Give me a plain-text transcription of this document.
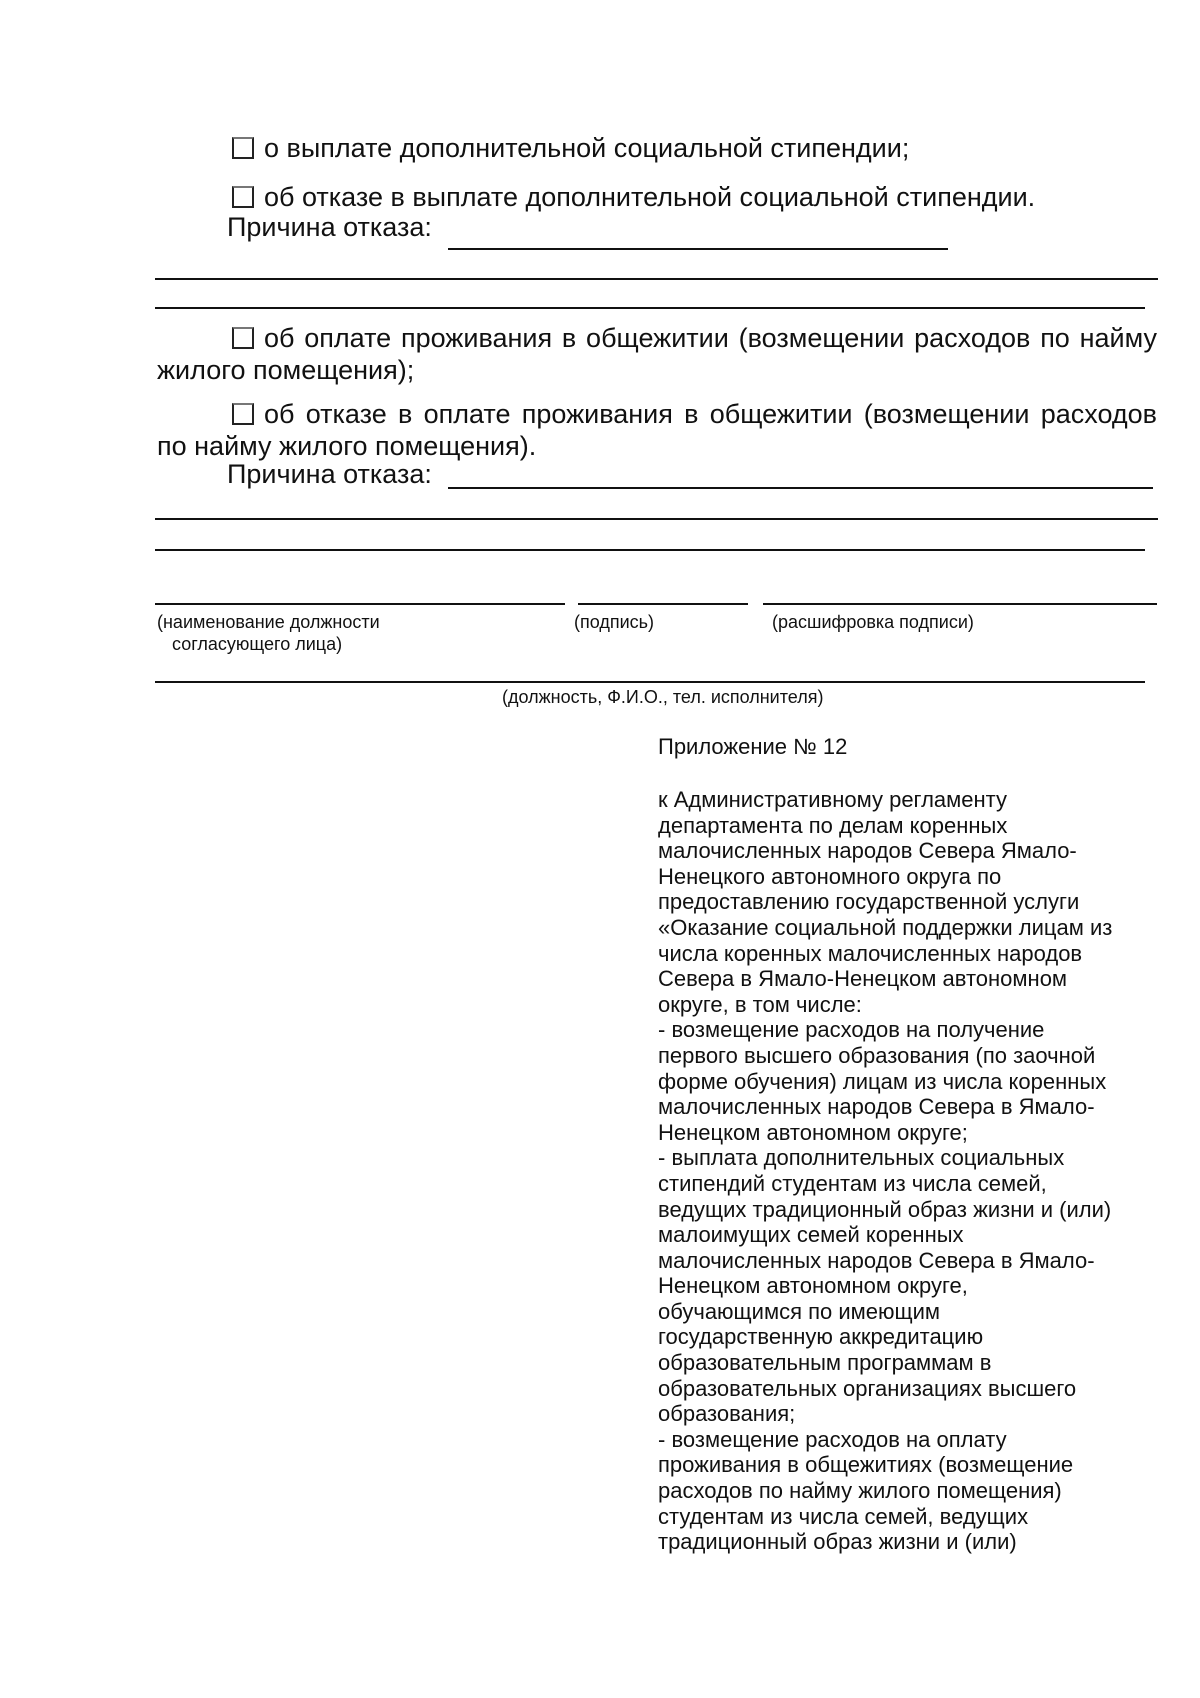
о выплате дополнительной социальной стипендии;
об отказе в выплате дополнительной социальной стипендии.
Причина отказа:
об оплате проживания в общежитии (возмещении расходов по найму жилого помещения);
об отказе в оплате проживания в общежитии (возмещении расходов по найму жилого помещения).
Причина отказа:
(наименование должности
согласующего лица)
(подпись)	(расшифровка подписи)
(должность, Ф.И.О., тел. исполнителя)
Приложение № 12
к Административному регламенту
департамента по делам коренных
малочисленных народов Севера Ямало-
Ненецкого автономного округа по
предоставлению государственной услуги
«Оказание социальной поддержки лицам из
числа коренных малочисленных народов
Севера в Ямало-Ненецком автономном
округе, в том числе:
- возмещение расходов на получение
первого высшего образования (по заочной
форме обучения) лицам из числа коренных
малочисленных народов Севера в Ямало-
Ненецком автономном округе;
- выплата дополнительных социальных
стипендий студентам из числа семей,
ведущих традиционный образ жизни и (или)
малоимущих семей коренных
малочисленных народов Севера в Ямало-
Ненецком автономном округе,
обучающимся по имеющим
государственную аккредитацию
образовательным программам в
образовательных организациях высшего
образования;
- возмещение расходов на оплату
проживания в общежитиях (возмещение
расходов по найму жилого помещения)
студентам из числа семей, ведущих
традиционный образ жизни и (или)
